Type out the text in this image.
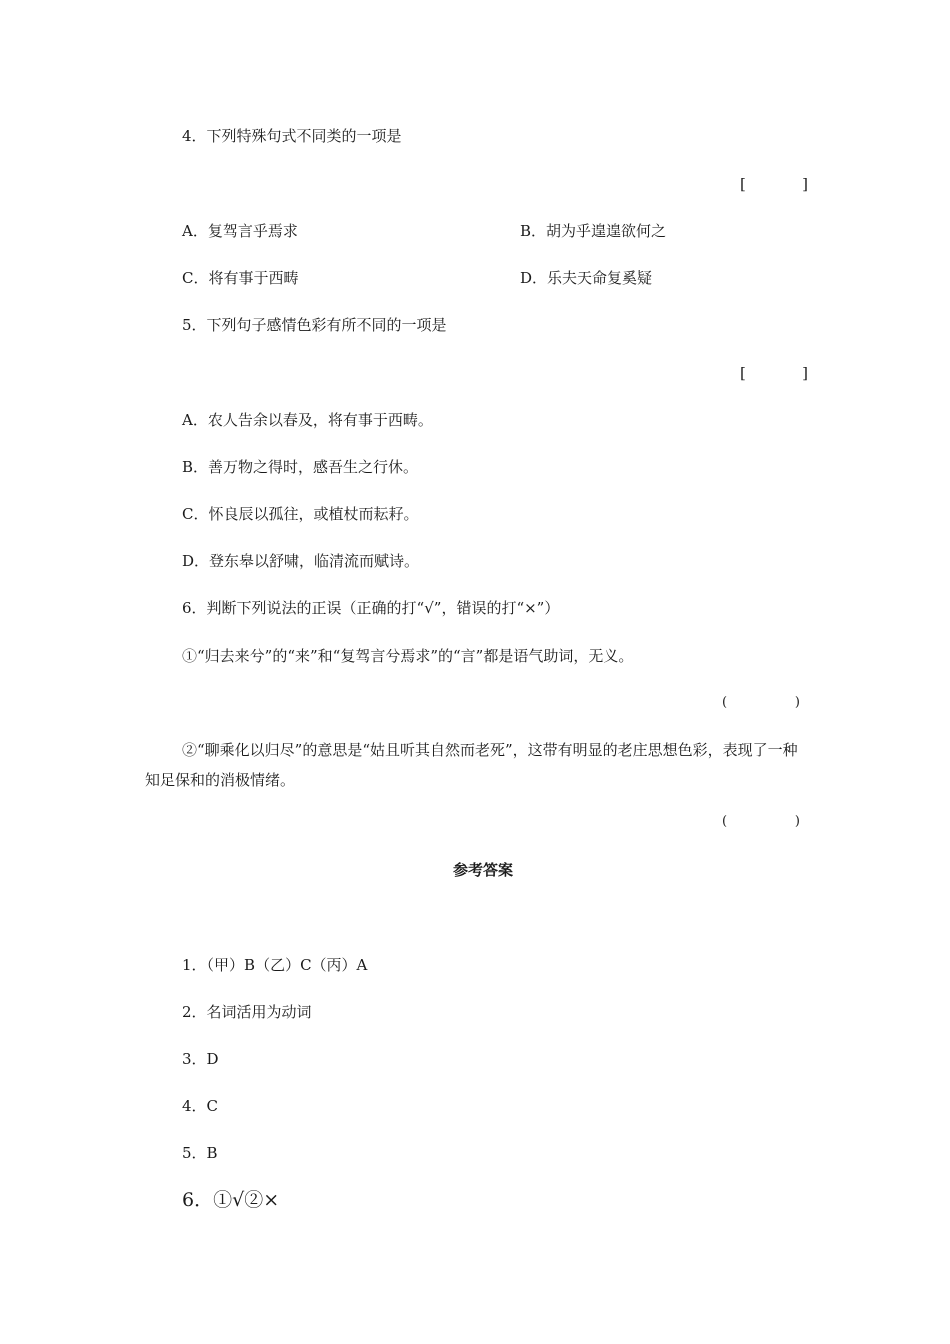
4．下列特殊句式不同类的一项是
[	]
A．复驾言乎焉求	B．胡为乎遑遑欲何之
C．将有事于西畴	D．乐夫天命复奚疑
5．下列句子感情色彩有所不同的一项是
[	]
A．农人告余以春及，将有事于西畴。
B．善万物之得时，感吾生之行休。
C．怀良辰以孤往，或植杖而耘耔。
D．登东皋以舒啸，临清流而赋诗。
6．判断下列说法的正误（正确的打“√”，错误的打“×”）
①“归去来兮”的“来”和“复驾言兮焉求”的“言”都是语气助词，无义。
(	)
②“聊乘化以归尽”的意思是“姑且听其自然而老死”，这带有明显的老庄思想色彩，表现了一种知足保和的消极情绪。
(	)
参考答案
1．（甲）B（乙）C（丙）A
2．名词活用为动词
3．D
4．C
5．B
6．①√②×
